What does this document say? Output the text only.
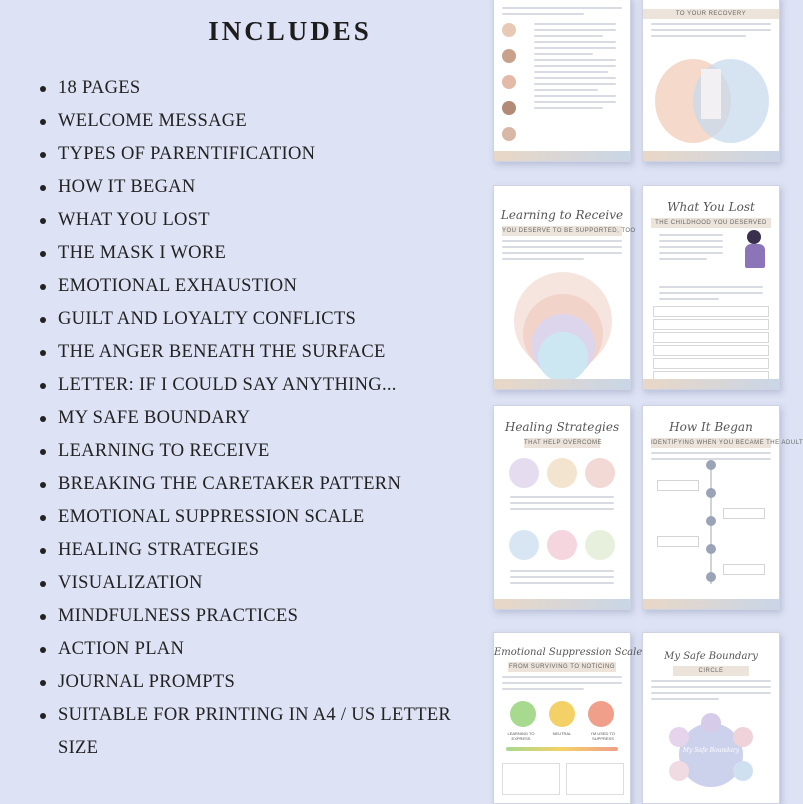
INCLUDES
18 PAGES
WELCOME MESSAGE
TYPES OF PARENTIFICATION
HOW IT BEGAN
WHAT YOU LOST
THE MASK I WORE
EMOTIONAL EXHAUSTION
GUILT AND LOYALTY CONFLICTS
THE ANGER BENEATH THE SURFACE
LETTER: IF I COULD SAY ANYTHING...
MY SAFE BOUNDARY
LEARNING TO RECEIVE
BREAKING THE CARETAKER PATTERN
EMOTIONAL SUPPRESSION SCALE
HEALING STRATEGIES
VISUALIZATION
MINDFULNESS PRACTICES
ACTION PLAN
JOURNAL PROMPTS
SUITABLE FOR PRINTING IN A4 / US LETTER SIZE
TO YOUR RECOVERY
Learning to Receive
YOU DESERVE TO BE SUPPORTED, TOO
What You Lost
THE CHILDHOOD YOU DESERVED
Healing Strategies
THAT HELP OVERCOME
How It Began
IDENTIFYING WHEN YOU BECAME THE ADULT
Emotional Suppression Scale
FROM SURVIVING TO NOTICING
LEARNING TO EXPRESS
NEUTRAL	I'M USED TO SUPPRESS
My Safe Boundary
CIRCLE
My Safe Boundary
